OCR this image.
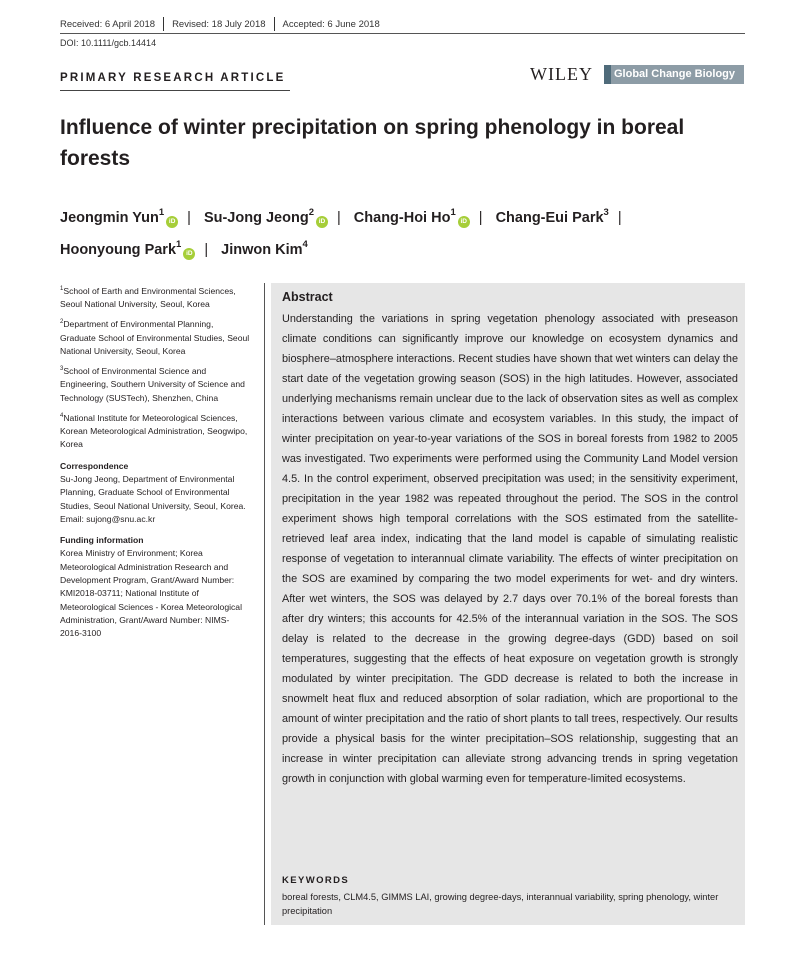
Received: 6 April 2018 Revised: 18 July 2018 Accepted: 6 June 2018
DOI: 10.1111/gcb.14414
PRIMARY RESEARCH ARTICLE	WILEY Global Change Biology
Influence of winter precipitation on spring phenology in boreal forests
Jeongmin Yun$^1$iD | Su-Jong Jeong$^2$iD | Chang-Hoi Ho$^1$iD | Chang-Eui Park$^3$ | Hoonyoung Park$^1$iD | Jinwon Kim$^4$
$^1$School of Earth and Environmental Sciences, Seoul National University, Seoul, Korea
$^2$Department of Environmental Planning, Graduate School of Environmental Studies, Seoul National University, Seoul, Korea
$^3$School of Environmental Science and Engineering, Southern University of Science and Technology (SUSTech), Shenzhen, China
$^4$National Institute for Meteorological Sciences, Korean Meteorological Administration, Seogwipo, Korea
Correspondence
Su-Jong Jeong, Department of Environmental Planning, Graduate School of Environmental Studies, Seoul National University, Seoul, Korea.
Email: sujong@snu.ac.kr
Funding information
Korea Ministry of Environment; Korea Meteorological Administration Research and Development Program, Grant/Award Number: KMI2018-03711; National Institute of Meteorological Sciences - Korea Meteorological Administration, Grant/Award Number: NIMS-2016-3100
Abstract
Understanding the variations in spring vegetation phenology associated with preseason climate conditions can significantly improve our knowledge on ecosystem dynamics and biosphere–atmosphere interactions. Recent studies have shown that wet winters can delay the start date of the vegetation growing season (SOS) in the high latitudes. However, associated underlying mechanisms remain unclear due to the lack of observation sites as well as complex interactions between various climate and ecosystem variables. In this study, the impact of winter precipitation on year-to-year variations of the SOS in boreal forests from 1982 to 2005 was investigated. Two experiments were performed using the Community Land Model version 4.5. In the control experiment, observed precipitation was used; in the sensitivity experiment, precipitation in the year 1982 was repeated throughout the period. The SOS in the control experiment shows high temporal correlations with the SOS estimated from the satellite-retrieved leaf area index, indicating that the land model is capable of simulating realistic response of vegetation to interannual climate variability. The effects of winter precipitation on the SOS are examined by comparing the two model experiments for wet- and dry winters. After wet winters, the SOS was delayed by 2.7 days over 70.1% of the boreal forests than after dry winters; this accounts for 42.5% of the interannual variation in the SOS. The SOS delay is related to the decrease in the growing degree-days (GDD) based on soil temperatures, suggesting that the effects of heat exposure on vegetation growth is strongly modulated by winter precipitation. The GDD decrease is related to both the increase in snowmelt heat flux and reduced absorption of solar radiation, which are proportional to the amount of winter precipitation and the ratio of short plants to tall trees, respectively. Our results provide a physical basis for the winter precipitation–SOS relationship, suggesting that an increase in winter precipitation can alleviate strong advancing trends in spring vegetation growth in conjunction with global warming even for temperature-limited ecosystems.
KEYWORDS
boreal forests, CLM4.5, GIMMS LAI, growing degree-days, interannual variability, spring phenology, winter precipitation
